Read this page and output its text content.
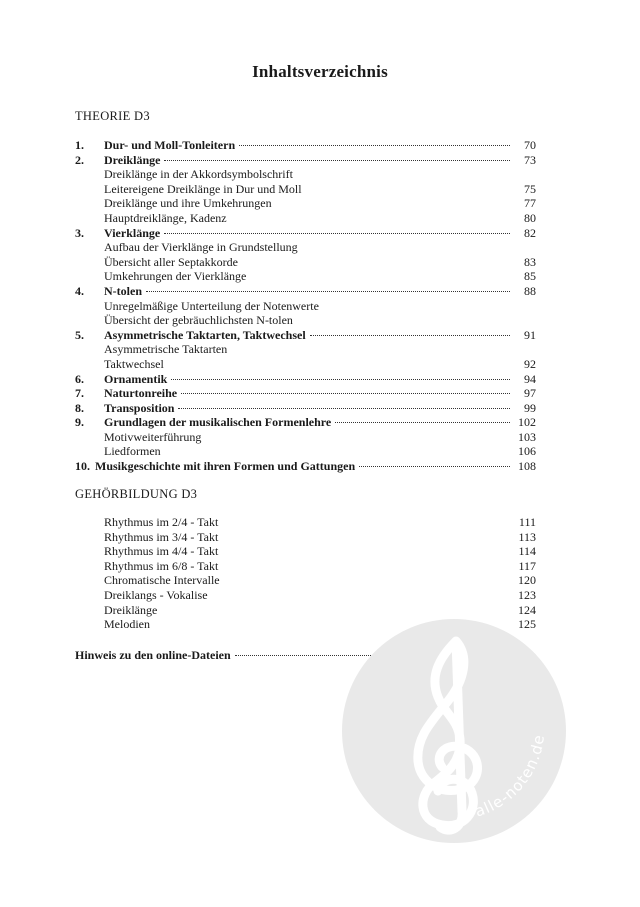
Inhaltsverzeichnis
THEORIE D3
1.	Dur- und Moll-Tonleitern	70
2.	Dreiklänge	73
Dreiklänge in der Akkordsymbolschrift
Leitereigene Dreiklänge in Dur und Moll	75
Dreiklänge und ihre Umkehrungen	77
Hauptdreiklänge, Kadenz	80
3.	Vierklänge	82
Aufbau der Vierklänge in Grundstellung
Übersicht aller Septakkorde	83
Umkehrungen der Vierklänge	85
4.	N-tolen	88
Unregelmäßige Unterteilung der Notenwerte
Übersicht der gebräuchlichsten N-tolen
5.	Asymmetrische Taktarten, Taktwechsel	91
Asymmetrische Taktarten
Taktwechsel	92
6.	Ornamentik	94
7.	Naturtonreihe	97
8.	Transposition	99
9.	Grundlagen der musikalischen Formenlehre	102
Motivweiterführung	103
Liedformen	106
10. Musikgeschichte mit ihren Formen und Gattungen	108
GEHÖRBILDUNG D3
Rhythmus im 2/4 - Takt	111
Rhythmus im 3/4 - Takt	113
Rhythmus im 4/4 - Takt	114
Rhythmus im 6/8 - Takt	117
Chromatische Intervalle	120
Dreiklangs - Vokalise	123
Dreiklänge	124
Melodien	125
Hinweis zu den online-Dateien
alle-noten.de
